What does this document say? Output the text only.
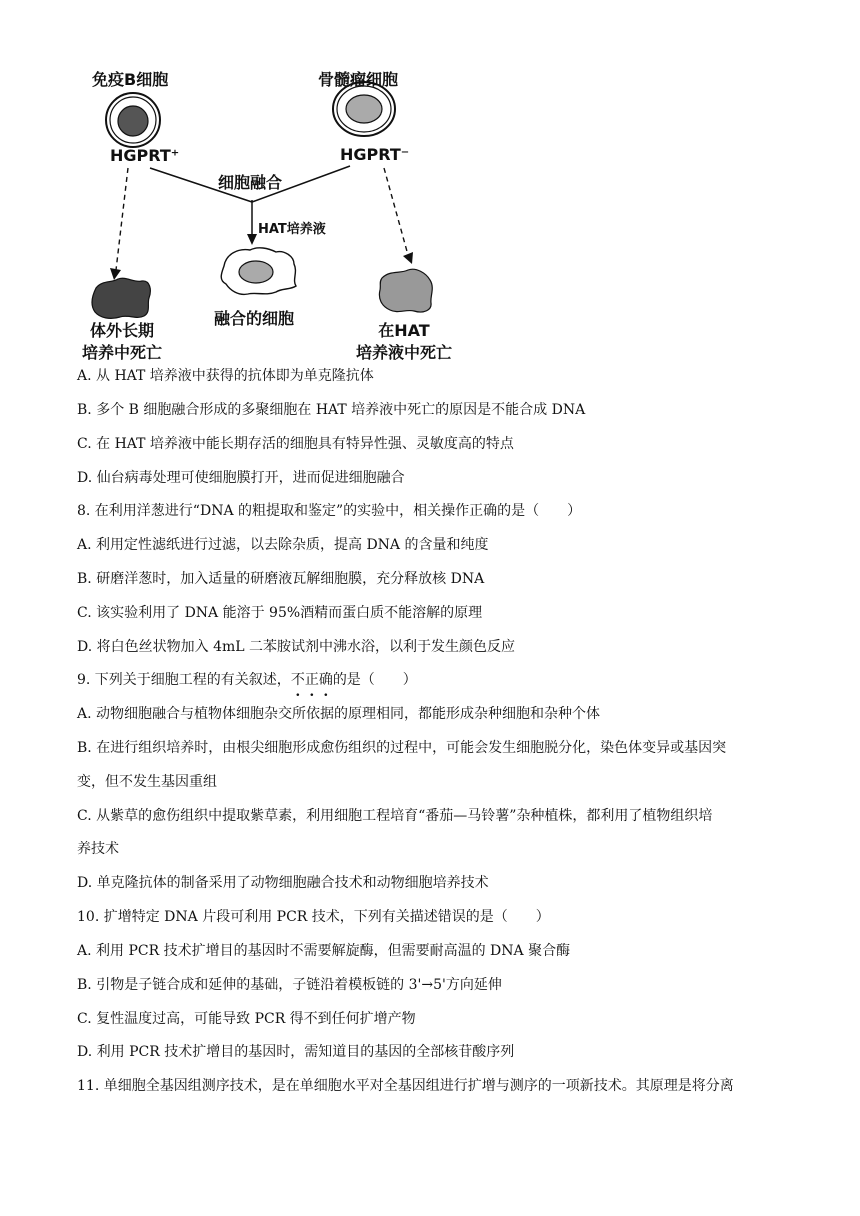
免疫B细胞	骨髓瘤细胞
HGPRT⁺	HGPRT⁻
细胞融合
HAT培养液
融合的细胞
体外长期
培养中死亡
在HAT
培养液中死亡
A. 从 HAT 培养液中获得的抗体即为单克隆抗体
B. 多个 B 细胞融合形成的多聚细胞在 HAT 培养液中死亡的原因是不能合成 DNA
C. 在 HAT 培养液中能长期存活的细胞具有特异性强、灵敏度高的特点
D. 仙台病毒处理可使细胞膜打开，进而促进细胞融合
8. 在利用洋葱进行“DNA 的粗提取和鉴定”的实验中，相关操作正确的是（　　）
A. 利用定性滤纸进行过滤，以去除杂质，提高 DNA 的含量和纯度
B. 研磨洋葱时，加入适量的研磨液瓦解细胞膜，充分释放核 DNA
C. 该实验利用了 DNA 能溶于 95%酒精而蛋白质不能溶解的原理
D. 将白色丝状物加入 4mL 二苯胺试剂中沸水浴，以利于发生颜色反应
9. 下列关于细胞工程的有关叙述，不正确的是（　　）
A. 动物细胞融合与植物体细胞杂交所依据的原理相同，都能形成杂种细胞和杂种个体
B. 在进行组织培养时，由根尖细胞形成愈伤组织的过程中，可能会发生细胞脱分化，染色体变异或基因突
变，但不发生基因重组
C. 从紫草的愈伤组织中提取紫草素，利用细胞工程培育“番茄—马铃薯”杂种植株，都利用了植物组织培
养技术
D. 单克隆抗体的制备采用了动物细胞融合技术和动物细胞培养技术
10. 扩增特定 DNA 片段可利用 PCR 技术，下列有关描述错误的是（　　）
A. 利用 PCR 技术扩增目的基因时不需要解旋酶，但需要耐高温的 DNA 聚合酶
B. 引物是子链合成和延伸的基础，子链沿着模板链的 3'→5'方向延伸
C. 复性温度过高，可能导致 PCR 得不到任何扩增产物
D. 利用 PCR 技术扩增目的基因时，需知道目的基因的全部核苷酸序列
11. 单细胞全基因组测序技术，是在单细胞水平对全基因组进行扩增与测序的一项新技术。其原理是将分离
